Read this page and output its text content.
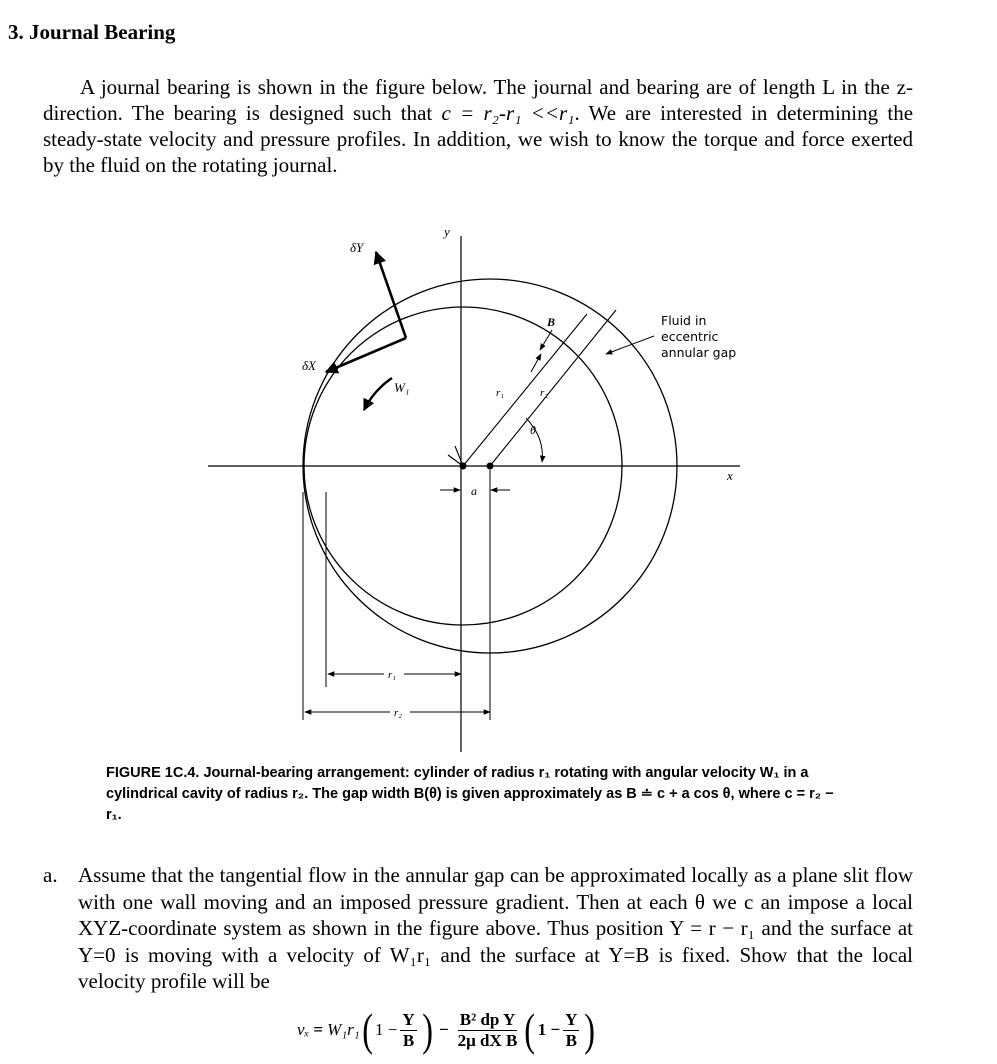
3. Journal Bearing
A journal bearing is shown in the figure below. The journal and bearing are of length L in the z-direction. The bearing is designed such that c = r₂-r₁ <<r₁. We are interested in determining the steady-state velocity and pressure profiles. In addition, we wish to know the torque and force exerted by the fluid on the rotating journal.
δY
δX
W₁
B
r₁	r₂
θ
a
r₁
r₂
y
x
Fluid in
eccentric
annular gap
FIGURE 1C.4. Journal-bearing arrangement: cylinder of radius r₁ rotating with angular velocity W₁ in a cylindrical cavity of radius r₂. The gap width B(θ) is given approximately as B ≐ c + a cos θ, where c = r₂ − r₁.
a. Assume that the tangential flow in the annular gap can be approximated locally as a plane slit flow with one wall moving and an imposed pressure gradient. Then at each θ we c an impose a local XYZ-coordinate system as shown in the figure above. Thus position Y = r − r₁ and the surface at Y=0 is moving with a velocity of W₁r₁ and the surface at Y=B is fixed. Show that the local velocity profile will be
vₓ = W₁r₁ ( $1 - \frac{Y}{B}$ ) − $\frac{\text{B² dp Y}}{\text{2μ dX B}}$ ( $1 - \frac{Y}{B}$ )
